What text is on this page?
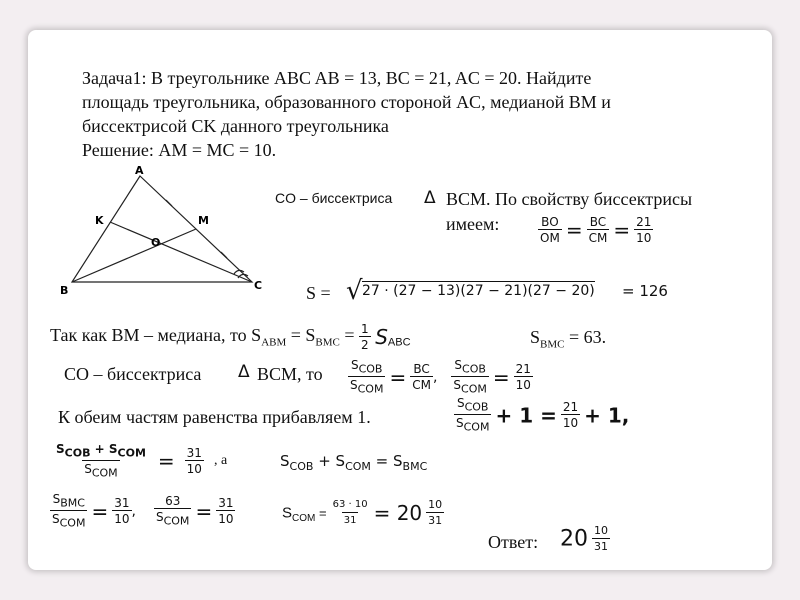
Задача1: В треугольнике ABC AB = 13, BC = 21, AC = 20. Найдите
площадь треугольника, образованного стороной AC, медианой BM и
биссектрисой CK данного треугольника
Решение: AM = MC = 10.
A
B	C
K	M
O
CO – биссектриса Δ BCM. По свойству биссектрисы
имеем:	$\frac{BO}{OM} = \frac{BC}{CM} = \frac{21}{10}$
S = √ 27 · (27 − 13)(27 − 21)(27 − 20) = 126
Так как BM – медиана, то $S_{ABM} = S_{BMC} = \frac{1}{2} S_{ABC}$	$S_{BMC} = 63$.
CO – биссектриса Δ BCM, то $\frac{S_{COB}}{S_{COM}} = \frac{BC}{CM}$ , $\frac{S_{COB}}{S_{COM}} = \frac{21}{10}$
К обеим частям равенства прибавляем 1.	$\frac{S_{COB}}{S_{COM}} + 1 = \frac{21}{10} + 1$,
$\frac{S_{COB} + S_{COM}}{S_{COM}} = \frac{31}{10}$ , a	$S_{COB} + S_{COM} = S_{BMC}$
$\frac{S_{BMC}}{S_{COM}} = \frac{31}{10}$ , $\frac{63}{S_{COM}} = \frac{31}{10}$	$S_{COM} = \frac{63 \cdot 10}{31} = 20 \frac{10}{31}$
Ответ: $20 \frac{10}{31}$
